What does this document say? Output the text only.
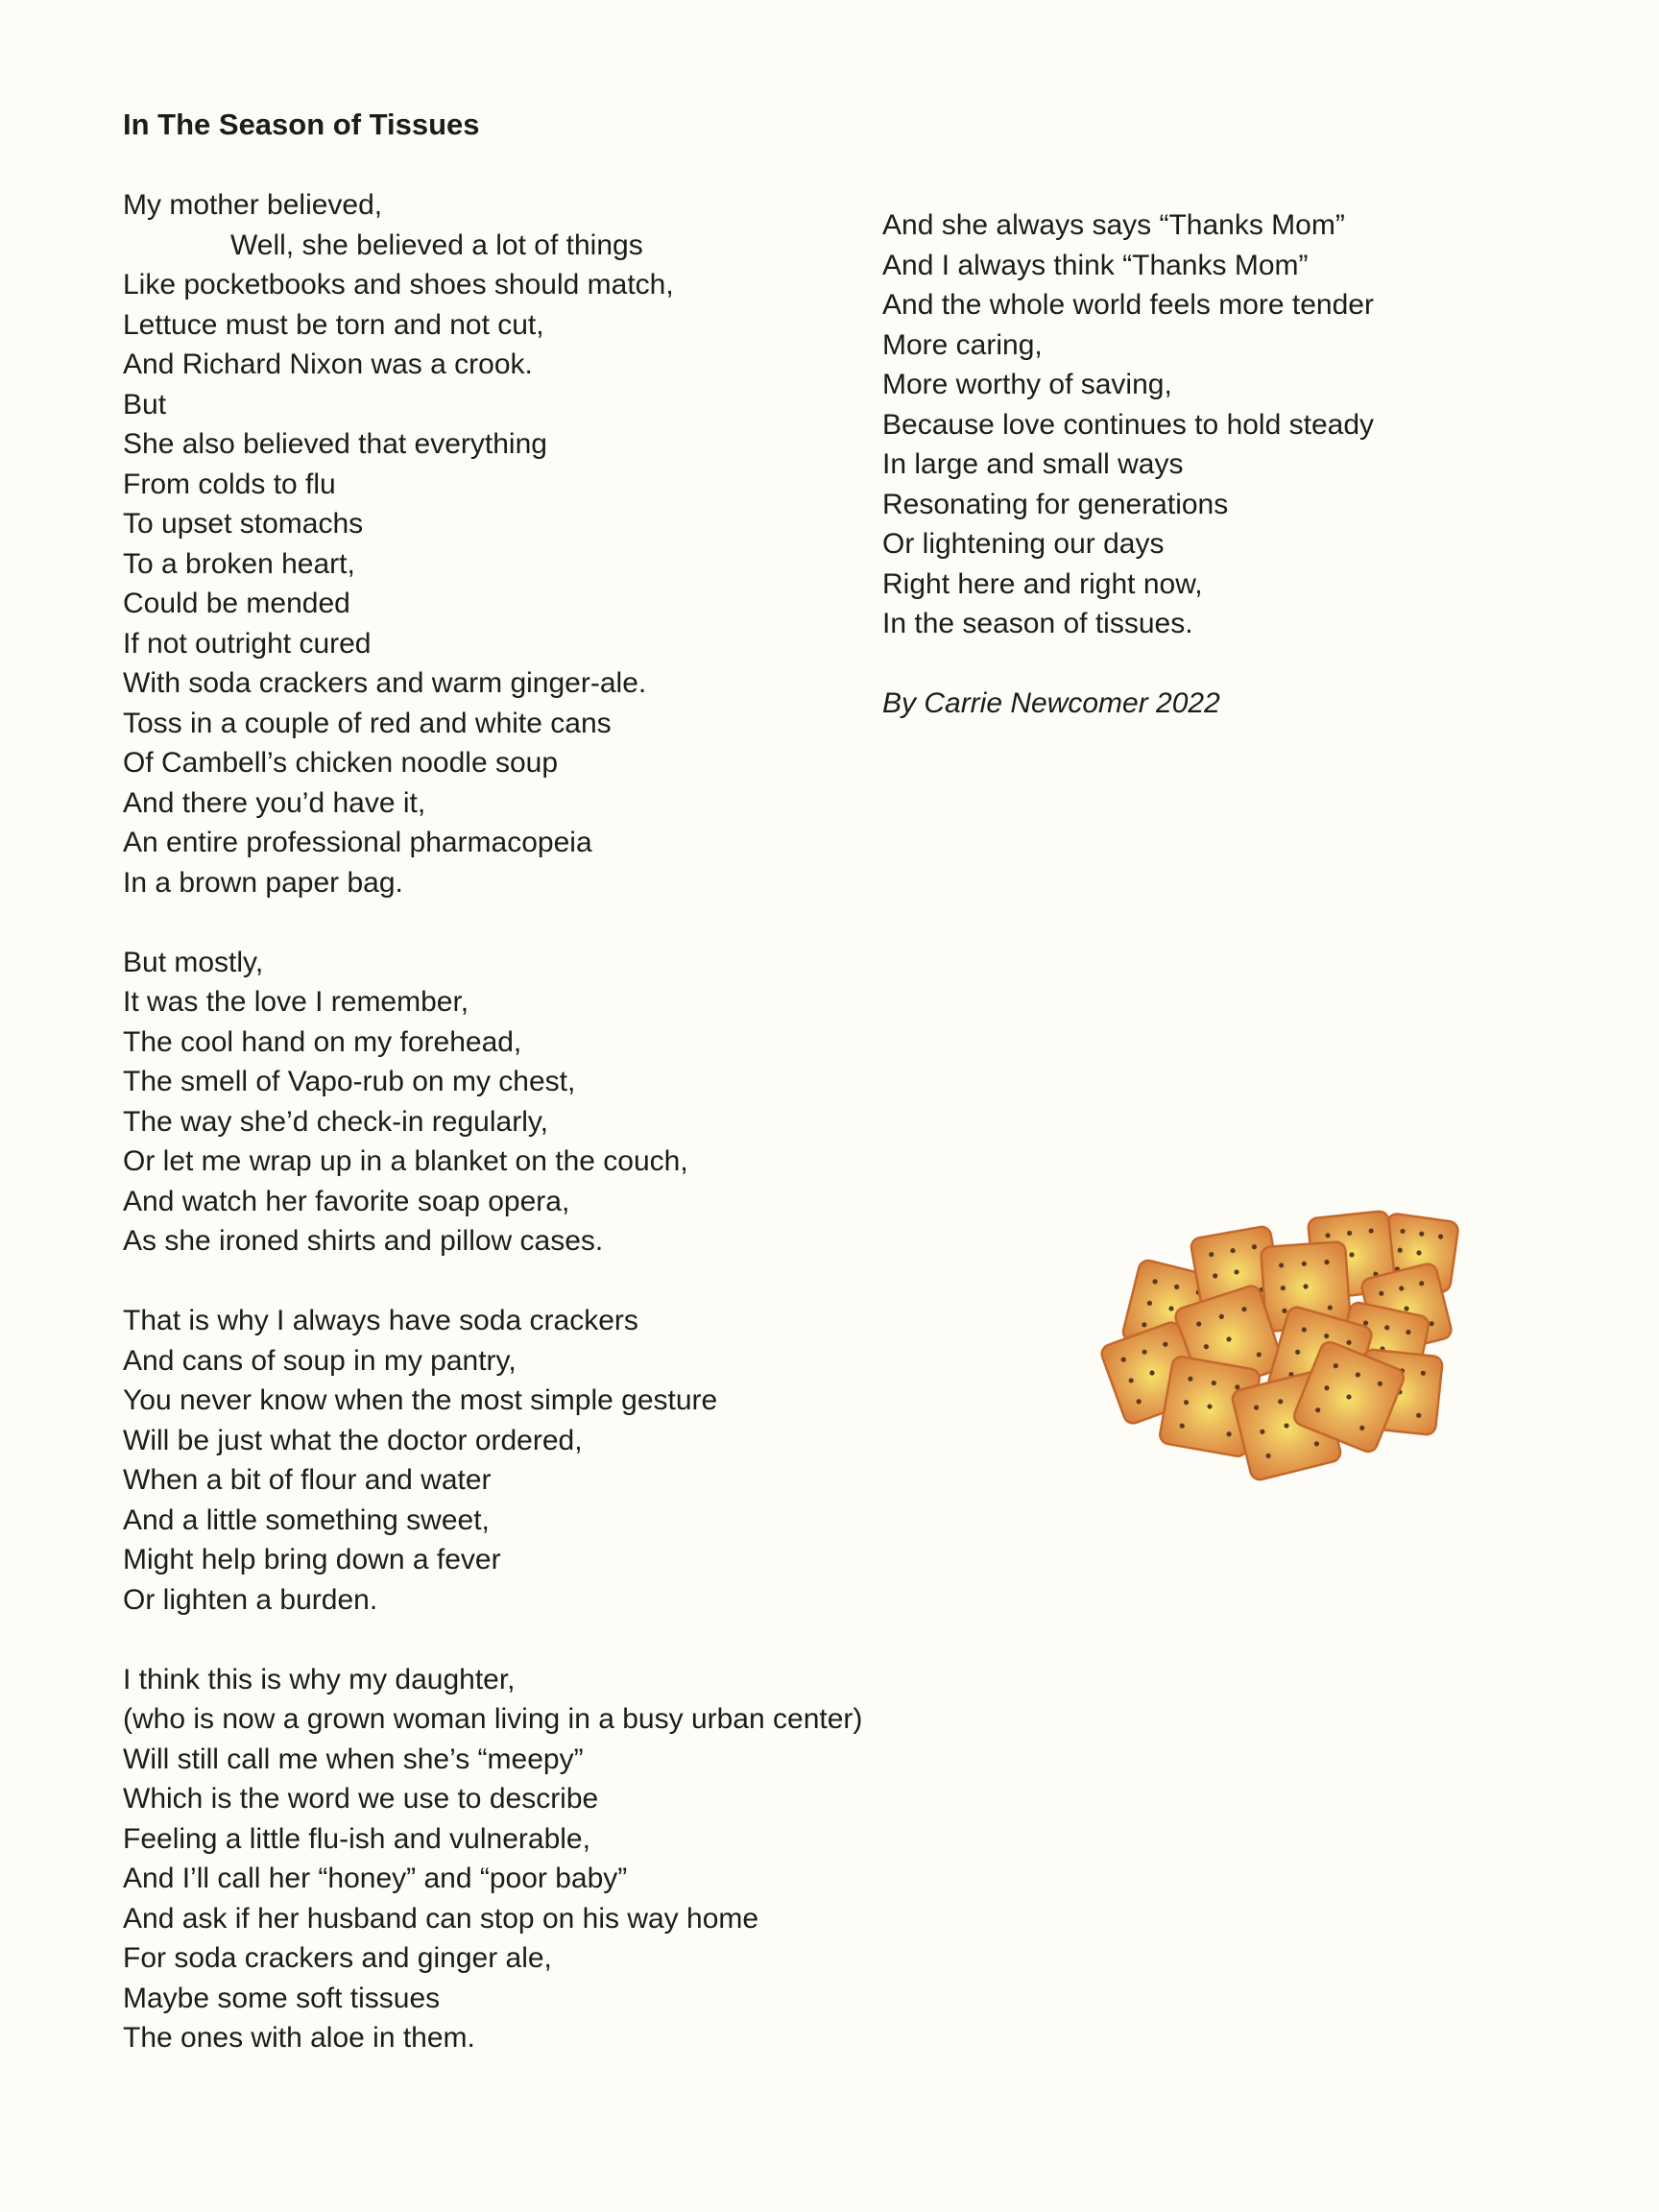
In The Season of Tissues
My mother believed,
Well, she believed a lot of things
Like pocketbooks and shoes should match,
Lettuce must be torn and not cut,
And Richard Nixon was a crook.
But
She also believed that everything
From colds to flu
To upset stomachs
To a broken heart,
Could be mended
If not outright cured
With soda crackers and warm ginger-ale.
Toss in a couple of red and white cans
Of Cambell’s chicken noodle soup
And there you’d have it,
An entire professional pharmacopeia
In a brown paper bag.
But mostly,
It was the love I remember,
The cool hand on my forehead,
The smell of Vapo-rub on my chest,
The way she’d check-in regularly,
Or let me wrap up in a blanket on the couch,
And watch her favorite soap opera,
As she ironed shirts and pillow cases.
That is why I always have soda crackers
And cans of soup in my pantry,
You never know when the most simple gesture
Will be just what the doctor ordered,
When a bit of flour and water
And a little something sweet,
Might help bring down a fever
Or lighten a burden.
I think this is why my daughter,
(who is now a grown woman living in a busy urban center)
Will still call me when she’s “meepy”
Which is the word we use to describe
Feeling a little flu-ish and vulnerable,
And I’ll call her “honey” and “poor baby”
And ask if her husband can stop on his way home
For soda crackers and ginger ale,
Maybe some soft tissues
The ones with aloe in them.
And she always says “Thanks Mom”
And I always think “Thanks Mom”
And the whole world feels more tender
More caring,
More worthy of saving,
Because love continues to hold steady
In large and small ways
Resonating for generations
Or lightening our days
Right here and right now,
In the season of tissues.
By Carrie Newcomer 2022
